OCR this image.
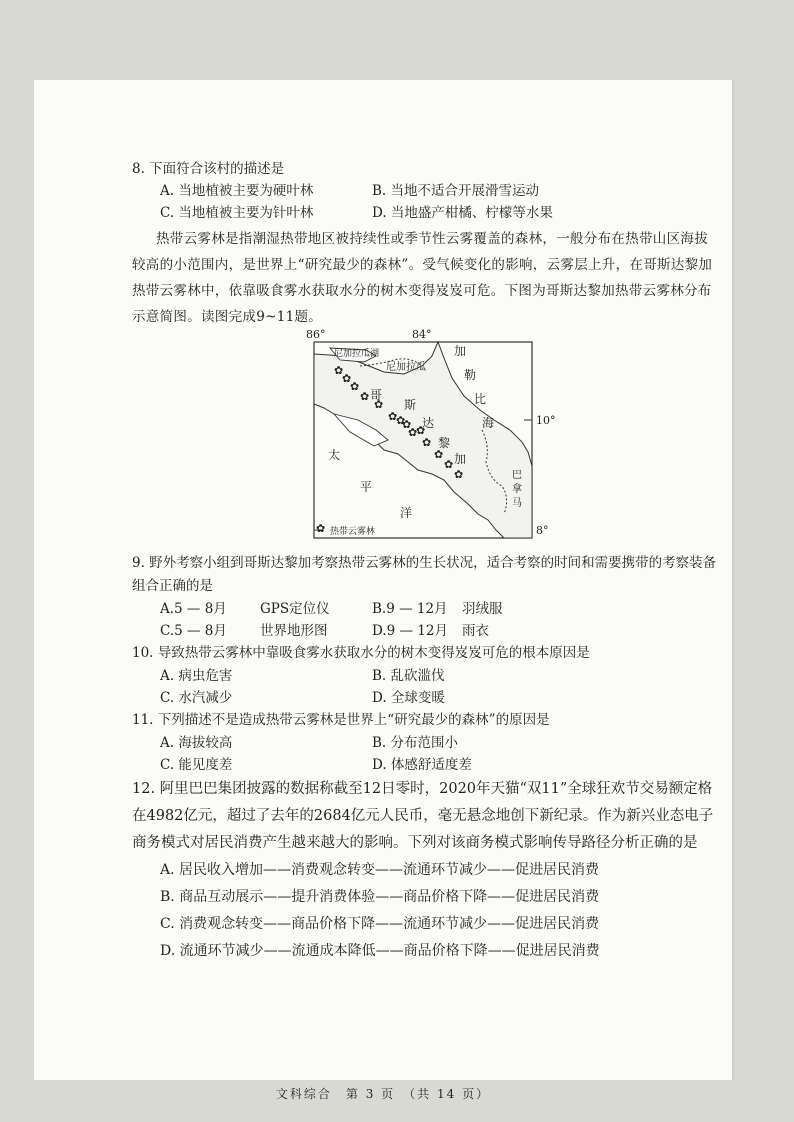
8. 下面符合该村的描述是

A. 当地植被主要为硬叶林	B. 当地不适合开展滑雪运动
C. 当地植被主要为针叶林	D. 当地盛产柑橘、柠檬等水果

热带云雾林是指潮湿热带地区被持续性或季节性云雾覆盖的森林，一般分布在热带山区海拔较高的小范围内，是世界上“研究最少的森林”。受气候变化的影响，云雾层上升，在哥斯达黎加热带云雾林中，依靠吸食雾水获取水分的树木变得岌岌可危。下图为哥斯达黎加热带云雾林分布示意简图。读图完成9~11题。

✿
✿
✿
✿
✿
✿
✿
✿
✿
✿
✿
✿
✿
✿
✿
86°	84°
10°
8°
尼加拉瓜湖
尼加拉瓜
加
勒
比
海
哥
斯
达
黎
加
太
平
洋
巴
拿
马
热带云雾林

9. 野外考察小组到哥斯达黎加考察热带云雾林的生长状况，适合考察的时间和需要携带的考察装备组合正确的是

A.5 — 8月	GPS定位仪	B.9 — 12月	羽绒服
C.5 — 8月	世界地形图	D.9 — 12月	雨衣

10. 导致热带云雾林中靠吸食雾水获取水分的树木变得岌岌可危的根本原因是

A. 病虫危害	B. 乱砍滥伐
C. 水汽减少	D. 全球变暖

11. 下列描述不是造成热带云雾林是世界上“研究最少的森林”的原因是

A. 海拔较高	B. 分布范围小
C. 能见度差	D. 体感舒适度差

12. 阿里巴巴集团披露的数据称截至12日零时，2020年天猫“双11”全球狂欢节交易额定格在4982亿元，超过了去年的2684亿元人民币，毫无悬念地创下新纪录。作为新兴业态电子商务模式对居民消费产生越来越大的影响。下列对该商务模式影响传导路径分析正确的是

A. 居民收入增加——消费观念转变——流通环节减少——促进居民消费
B. 商品互动展示——提升消费体验——商品价格下降——促进居民消费
C. 消费观念转变——商品价格下降——流通环节减少——促进居民消费
D. 流通环节减少——流通成本降低——商品价格下降——促进居民消费
文科综合　第 3 页　（共 14 页）
